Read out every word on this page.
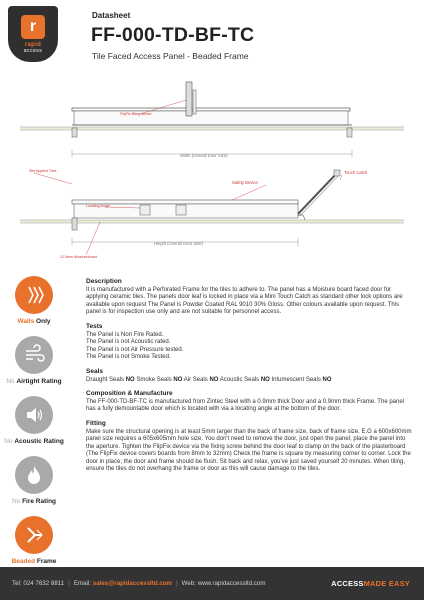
r
rapid
access
Datasheet
FF-000-TD-BF-TC
Tile Faced Access Panel - Beaded Frame
FlipFix fitting device
Width (Overall Door Size)
Site Applied Tiles
Safety Device
Touch Catch
Locating Angle
Height (Overall Door Size)
12.5mm Moistureboard
Walls Only
No Airtight Rating
No Acoustic Rating
No Fire Rating
Beaded Frame
Description

It is manufactured with a Perforated Frame for the tiles to adhere to. The panel has a Moisture board faced door for applying ceramic tiles. The panels door leaf is locked in place via a Mini Touch Catch as standard other lock options are available upon request The Panel is Powder Coated RAL 9010 30% Gloss. Other colours available upon request. This panel is for inspection use only and are not suitable for personnel access.

Tests

The Panel is Non Fire Rated.

The Panel is not Acoustic rated.

The Panel is not Air Pressure tested.

The Panel is not Smoke Tested.

Seals

Draught Seals NO Smoke Seals NO Air Seals NO Acoustic Seals NO Intumescent Seals NO

Composition & Manufacture

The FF-000-TD-BF-TC is manufactured from Zintec Steel with a 0.9mm thick Door and a 0.9mm thick Frame. The panel has a fully demountable door which is located with via a locating angle at the bottom of the door.

Fitting

Make sure the structural opening is at least 5mm larger than the back of frame size, back of frame size. E.G a 600x600mm panel size requires a 605x605mm hole size. You don't need to remove the door, just open the panel, place the panel into the aperture. Tighten the FlipFix device via the fixing screw behind the door leaf to clamp on the back of the plasterboard (The FlipFix device covers boards from 8mm to 32mm) Check the frame is square by measuring corner to corner. Lock the door in place; the door and frame should be flush. Sit back and relax, you've just saved yourself 20 minutes. When tiling, ensure the tiles do not overhang the frame or door as this will cause damage to the tiles.

Tel:
024 7632 8811 | Email:
sales@rapidaccessltd.com | Web:
www.rapidaccessltd.com	ACCESSMADE EASY
